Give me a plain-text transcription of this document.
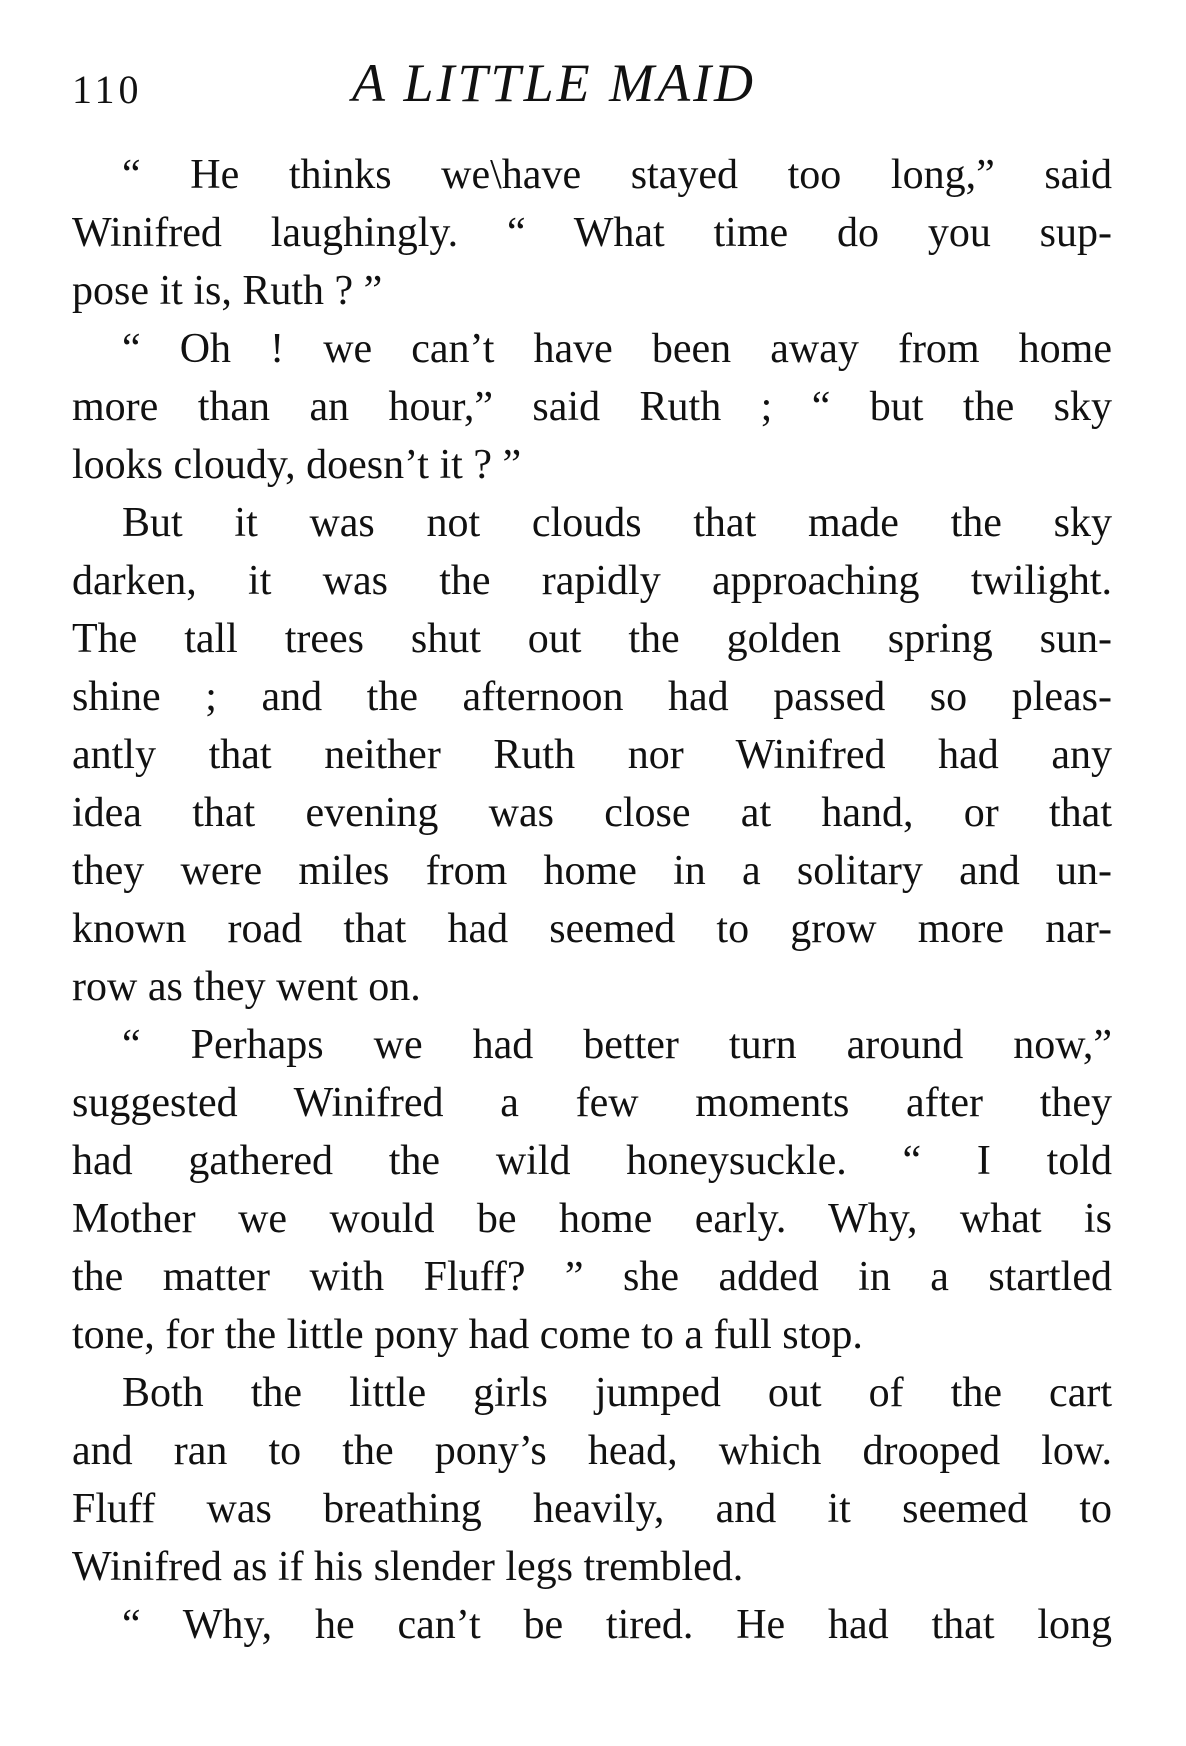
110	A LITTLE MAID
“ He thinks we\have stayed too long,” said
Winifred laughingly. “ What time do you sup-
pose it is, Ruth ? ”
“ Oh ! we can’t have been away from home
more than an hour,” said Ruth ; “ but the sky
looks cloudy, doesn’t it ? ”
But it was not clouds that made the sky
darken, it was the rapidly approaching twilight.
The tall trees shut out the golden spring sun-
shine ; and the afternoon had passed so pleas-
antly that neither Ruth nor Winifred had any
idea that evening was close at hand, or that
they were miles from home in a solitary and un-
known road that had seemed to grow more nar-
row as they went on.
“ Perhaps we had better turn around now,”
suggested Winifred a few moments after they
had gathered the wild honeysuckle. “ I told
Mother we would be home early. Why, what is
the matter with Fluff? ” she added in a startled
tone, for the little pony had come to a full stop.
Both the little girls jumped out of the cart
and ran to the pony’s head, which drooped low.
Fluff was breathing heavily, and it seemed to
Winifred as if his slender legs trembled.
“ Why, he can’t be tired. He had that long
